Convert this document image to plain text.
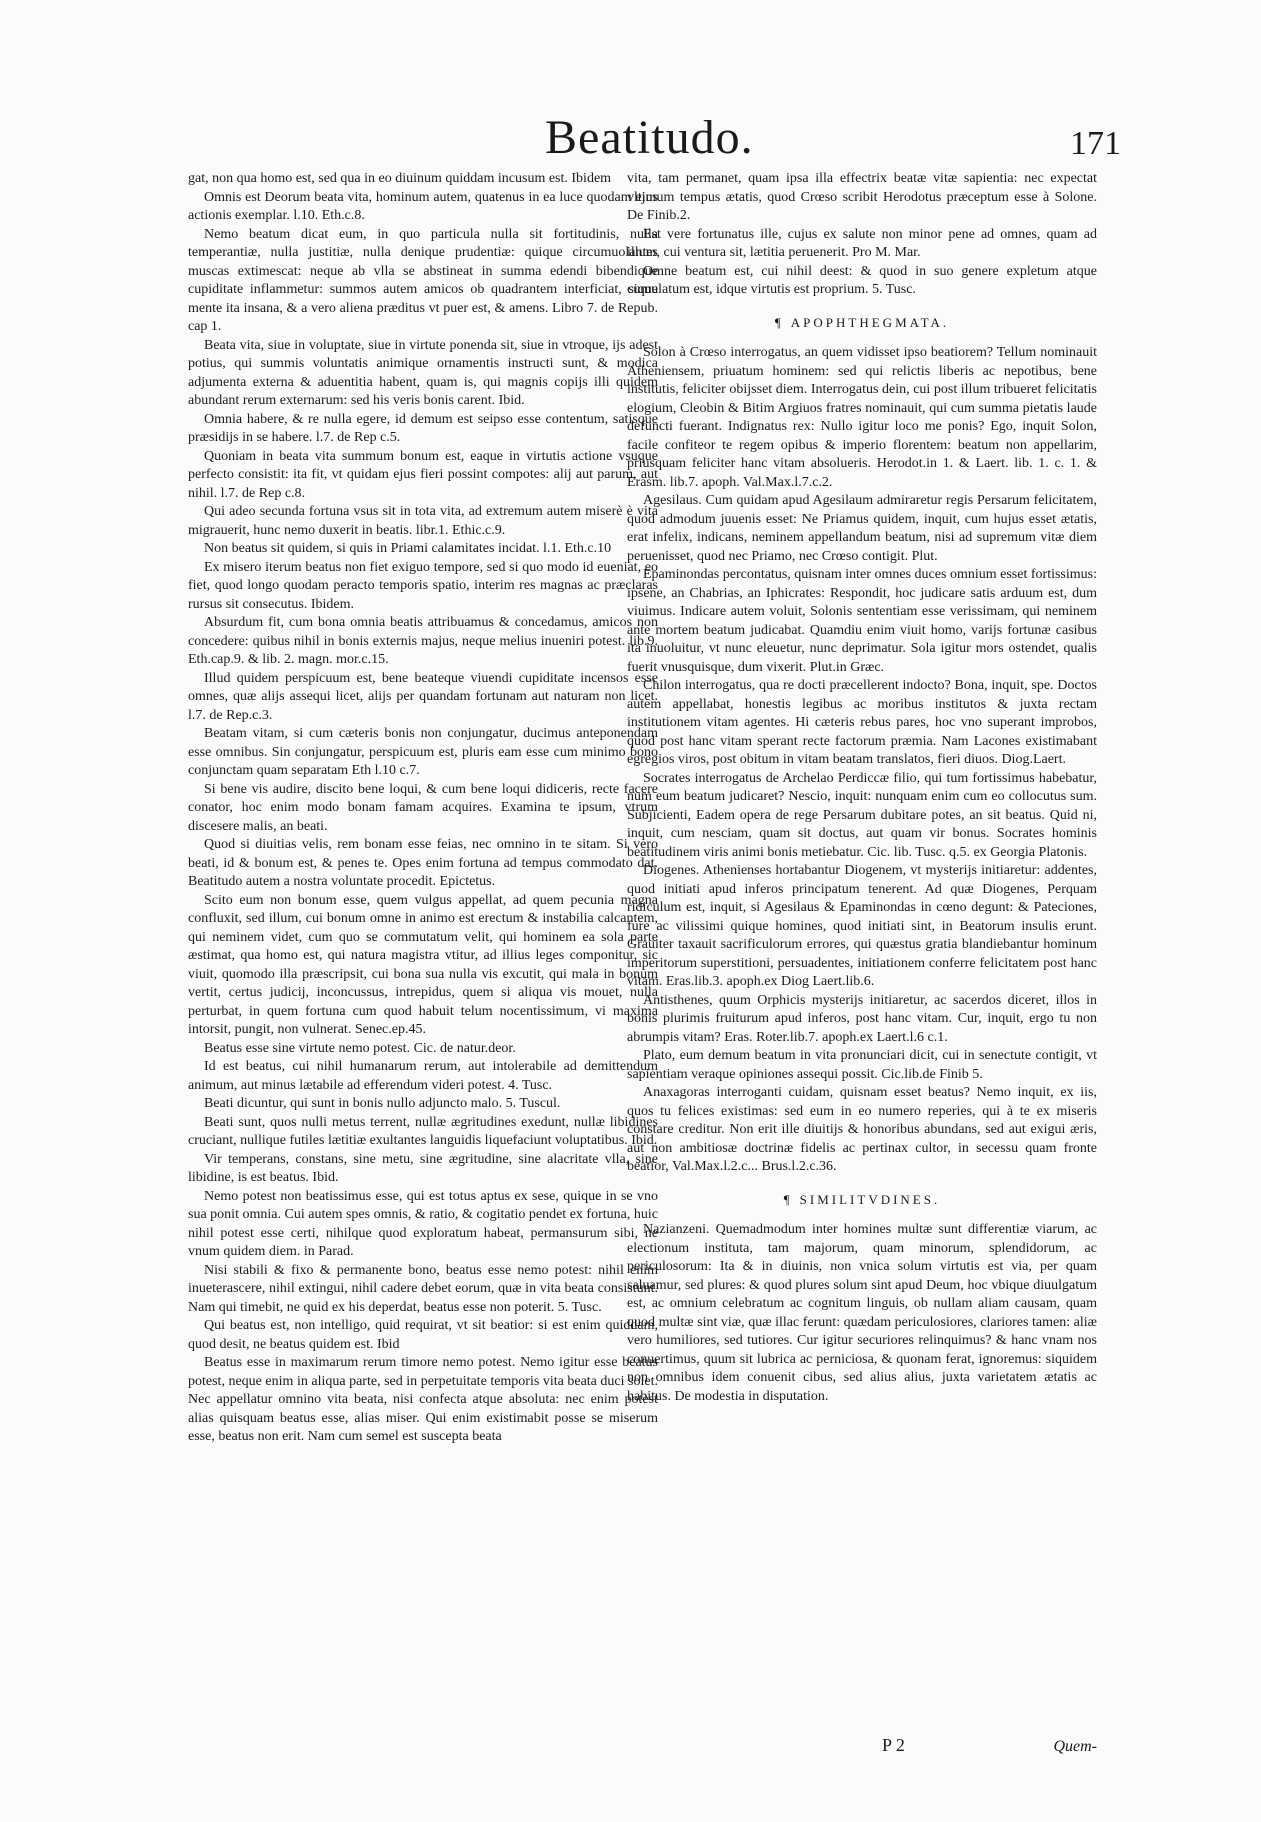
Beatitudo.	171

gat, non qua homo est, sed qua in eo diuinum quiddam incusum est. Ibidem

Omnis est Deorum beata vita, hominum autem, quatenus in ea luce quodam ejus actionis exemplar. l.10. Eth.c.8.

Nemo beatum dicat eum, in quo particula nulla sit fortitudinis, nulla temperantiæ, nulla justitiæ, nulla denique prudentiæ: quique circumuolantes muscas extimescat: neque ab vlla se abstineat in summa edendi bibendique cupiditate inflammetur: summos autem amicos ob quadrantem interficiat, sique mente ita insana, & a vero aliena præditus vt puer est, & amens. Libro 7. de Repub. cap 1.

Beata vita, siue in voluptate, siue in virtute ponenda sit, siue in vtroque, ijs adest potius, qui summis voluntatis animique ornamentis instructi sunt, & modica adjumenta externa & aduentitia habent, quam is, qui magnis copijs illi quidem abundant rerum externarum: sed his veris bonis carent. Ibid.

Omnia habere, & re nulla egere, id demum est seipso esse contentum, satisque præsidijs in se habere. l.7. de Rep c.5.

Quoniam in beata vita summum bonum est, eaque in virtutis actione vsuque perfecto consistit: ita fit, vt quidam ejus fieri possint compotes: alij aut parum, aut nihil. l.7. de Rep c.8.

Qui adeo secunda fortuna vsus sit in tota vita, ad extremum autem miserè è vita migrauerit, hunc nemo duxerit in beatis. libr.1. Ethic.c.9.

Non beatus sit quidem, si quis in Priami calamitates incidat. l.1. Eth.c.10

Ex misero iterum beatus non fiet exiguo tempore, sed si quo modo id eueniat, eo fiet, quod longo quodam peracto temporis spatio, interim res magnas ac præclaras rursus sit consecutus. Ibidem.

Absurdum fit, cum bona omnia beatis attribuamus & concedamus, amicos non concedere: quibus nihil in bonis externis majus, neque melius inueniri potest. lib.9. Eth.cap.9. & lib. 2. magn. mor.c.15.

Illud quidem perspicuum est, bene beateque viuendi cupiditate incensos esse omnes, quæ alijs assequi licet, alijs per quandam fortunam aut naturam non licet. l.7. de Rep.c.3.

Beatam vitam, si cum cæteris bonis non conjungatur, ducimus anteponendam esse omnibus. Sin conjungatur, perspicuum est, pluris eam esse cum minimo bono conjunctam quam separatam Eth l.10 c.7.

Si bene vis audire, discito bene loqui, & cum bene loqui didiceris, recte facere conator, hoc enim modo bonam famam acquires. Examina te ipsum, vtrum discesere malis, an beati.

Quod si diuitias velis, rem bonam esse feias, nec omnino in te sitam. Si vero beati, id & bonum est, & penes te. Opes enim fortuna ad tempus commodato dat. Beatitudo autem a nostra voluntate procedit. Epictetus.

Scito eum non bonum esse, quem vulgus appellat, ad quem pecunia magna confluxit, sed illum, cui bonum omne in animo est erectum & instabilia calcantem, qui neminem videt, cum quo se commutatum velit, qui hominem ea sola parte æstimat, qua homo est, qui natura magistra vtitur, ad illius leges componitur, sic viuit, quomodo illa præscripsit, cui bona sua nulla vis excutit, qui mala in bonum vertit, certus judicij, inconcussus, intrepidus, quem si aliqua vis mouet, nulla perturbat, in quem fortuna cum quod habuit telum nocentissimum, vi maxima intorsit, pungit, non vulnerat. Senec.ep.45.

Beatus esse sine virtute nemo potest. Cic. de natur.deor.

Id est beatus, cui nihil humanarum rerum, aut intolerabile ad demittendum animum, aut minus lætabile ad efferendum videri potest. 4. Tusc.

Beati dicuntur, qui sunt in bonis nullo adjuncto malo. 5. Tuscul.

Beati sunt, quos nulli metus terrent, nullæ ægritudines exedunt, nullæ libidines cruciant, nullique futiles lætitiæ exultantes languidis liquefaciunt voluptatibus. Ibid.

Vir temperans, constans, sine metu, sine ægritudine, sine alacritate vlla, sine libidine, is est beatus. Ibid.

Nemo potest non beatissimus esse, qui est totus aptus ex sese, quique in se vno sua ponit omnia. Cui autem spes omnis, & ratio, & cogitatio pendet ex fortuna, huic nihil potest esse certi, nihilque quod exploratum habeat, permansurum sibi, ne vnum quidem diem. in Parad.

Nisi stabili & fixo & permanente bono, beatus esse nemo potest: nihil enim inueterascere, nihil extingui, nihil cadere debet eorum, quæ in vita beata consistunt. Nam qui timebit, ne quid ex his deperdat, beatus esse non poterit. 5. Tusc.

Qui beatus est, non intelligo, quid requirat, vt sit beatior: si est enim quiddam, quod desit, ne beatus quidem est. Ibid

Beatus esse in maximarum rerum timore nemo potest. Nemo igitur esse beatus potest, neque enim in aliqua parte, sed in perpetuitate temporis vita beata duci solet. Nec appellatur omnino vita beata, nisi confecta atque absoluta: nec enim potest alias quisquam beatus esse, alias miser. Qui enim existimabit posse se miserum esse, beatus non erit. Nam cum semel est suscepta beata

vita, tam permanet, quam ipsa illa effectrix beatæ vitæ sapientia: nec expectat vltimum tempus ætatis, quod Crœso scribit Herodotus præceptum esse à Solone. De Finib.2.

Est vere fortunatus ille, cujus ex salute non minor pene ad omnes, quam ad illum, cui ventura sit, lætitia peruenerit. Pro M. Mar.

Omne beatum est, cui nihil deest: & quod in suo genere expletum atque cumulatum est, idque virtutis est proprium. 5. Tusc.

¶ APOPHTHEGMATA.

Solon à Crœso interrogatus, an quem vidisset ipso beatiorem? Tellum nominauit Atheniensem, priuatum hominem: sed qui relictis liberis ac nepotibus, bene institutis, feliciter obijsset diem. Interrogatus dein, cui post illum tribueret felicitatis elogium, Cleobin & Bitim Argiuos fratres nominauit, qui cum summa pietatis laude defuncti fuerant. Indignatus rex: Nullo igitur loco me ponis? Ego, inquit Solon, facile confiteor te regem opibus & imperio florentem: beatum non appellarim, priusquam feliciter hanc vitam absolueris. Herodot.in 1. & Laert. lib. 1. c. 1. & Erasm. lib.7. apoph. Val.Max.l.7.c.2.

Agesilaus. Cum quidam apud Agesilaum admiraretur regis Persarum felicitatem, quod admodum juuenis esset: Ne Priamus quidem, inquit, cum hujus esset ætatis, erat infelix, indicans, neminem appellandum beatum, nisi ad supremum vitæ diem peruenisset, quod nec Priamo, nec Crœso contigit. Plut.

Epaminondas percontatus, quisnam inter omnes duces omnium esset fortissimus: ipsene, an Chabrias, an Iphicrates: Respondit, hoc judicare satis arduum est, dum viuimus. Indicare autem voluit, Solonis sententiam esse verissimam, qui neminem ante mortem beatum judicabat. Quamdiu enim viuit homo, varijs fortunæ casibus ita inuoluitur, vt nunc eleuetur, nunc deprimatur. Sola igitur mors ostendet, qualis fuerit vnusquisque, dum vixerit. Plut.in Græc.

Chilon interrogatus, qua re docti præcellerent indocto? Bona, inquit, spe. Doctos autem appellabat, honestis legibus ac moribus institutos & juxta rectam institutionem vitam agentes. Hi cæteris rebus pares, hoc vno superant improbos, quod post hanc vitam sperant recte factorum præmia. Nam Lacones existimabant egregios viros, post obitum in vitam beatam translatos, fieri diuos. Diog.Laert.

Socrates interrogatus de Archelao Perdiccæ filio, qui tum fortissimus habebatur, num eum beatum judicaret? Nescio, inquit: nunquam enim cum eo collocutus sum. Subjicienti, Eadem opera de rege Persarum dubitare potes, an sit beatus. Quid ni, inquit, cum nesciam, quam sit doctus, aut quam vir bonus. Socrates hominis beatitudinem viris animi bonis metiebatur. Cic. lib. Tusc. q.5. ex Georgia Platonis.

Diogenes. Athenienses hortabantur Diogenem, vt mysterijs initiaretur: addentes, quod initiati apud inferos principatum tenerent. Ad quæ Diogenes, Perquam ridiculum est, inquit, si Agesilaus & Epaminondas in cœno degunt: & Pateciones, fure ac vilissimi quique homines, quod initiati sint, in Beatorum insulis erunt. Grauiter taxauit sacrificulorum errores, qui quæstus gratia blandiebantur hominum imperitorum superstitioni, persuadentes, initiationem conferre felicitatem post hanc vitam. Eras.lib.3. apoph.ex Diog Laert.lib.6.

Antisthenes, quum Orphicis mysterijs initiaretur, ac sacerdos diceret, illos in bonis plurimis fruiturum apud inferos, post hanc vitam. Cur, inquit, ergo tu non abrumpis vitam? Eras. Roter.lib.7. apoph.ex Laert.l.6 c.1.

Plato, eum demum beatum in vita pronunciari dicit, cui in senectute contigit, vt sapientiam veraque opiniones assequi possit. Cic.lib.de Finib 5.

Anaxagoras interroganti cuidam, quisnam esset beatus? Nemo inquit, ex iis, quos tu felices existimas: sed eum in eo numero reperies, qui à te ex miseris constare creditur. Non erit ille diuitijs & honoribus abundans, sed aut exigui æris, aut non ambitiosæ doctrinæ fidelis ac pertinax cultor, in secessu quam fronte beatior, Val.Max.l.2.c... Brus.l.2.c.36.

¶ SIMILITVDINES.

Nazianzeni. Quemadmodum inter homines multæ sunt differentiæ viarum, ac electionum instituta, tam majorum, quam minorum, splendidorum, ac periculosorum: Ita & in diuinis, non vnica solum virtutis est via, per quam saluamur, sed plures: & quod plures solum sint apud Deum, hoc vbique diuulgatum est, ac omnium celebratum ac cognitum linguis, ob nullam aliam causam, quam quod multæ sint viæ, quæ illac ferunt: quædam periculosiores, clariores tamen: aliæ vero humiliores, sed tutiores. Cur igitur securiores relinquimus? & hanc vnam nos conuertimus, quum sit lubrica ac perniciosa, & quonam ferat, ignoremus: siquidem non omnibus idem conuenit cibus, sed alius alius, juxta varietatem ætatis ac habitus. De modestia in disputation.

P 2	Quem-
